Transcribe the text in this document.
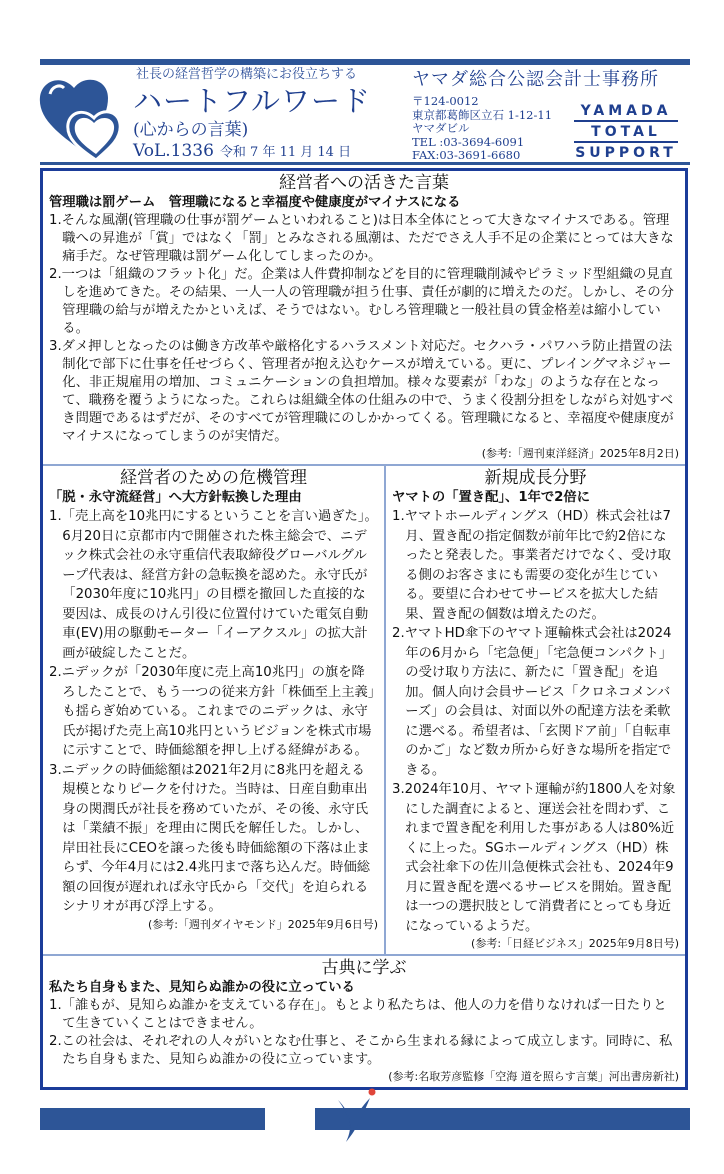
社長の経営哲学の構築にお役立ちする
ハートフルワード
(心からの言葉)
VoL.1336 令和 7 年 11 月 14 日
ヤマダ総合公認会計士事務所
〒124-0012
東京都葛飾区立石 1-12-11
ヤマダビル
TEL :03-3694-6091
FAX:03-3691-6680
YAMADA
TOTAL
SUPPORT
経営者への活きた言葉
管理職は罰ゲーム　管理職になると幸福度や健康度がマイナスになる
1.そんな風潮(管理職の仕事が罰ゲームといわれること)は日本全体にとって大きなマイナスである。管理職への昇進が「賞」ではなく「罰」とみなされる風潮は、ただでさえ人手不足の企業にとっては大きな痛手だ。なぜ管理職は罰ゲーム化してしまったのか。
2.一つは「組織のフラット化」だ。企業は人件費抑制などを目的に管理職削減やピラミッド型組織の見直しを進めてきた。その結果、一人一人の管理職が担う仕事、責任が劇的に増えたのだ。しかし、その分管理職の給与が増えたかといえば、そうではない。むしろ管理職と一般社員の賃金格差は縮小している。
3.ダメ押しとなったのは働き方改革や厳格化するハラスメント対応だ。セクハラ・パワハラ防止措置の法制化で部下に仕事を任せづらく、管理者が抱え込むケースが増えている。更に、プレイングマネジャー化、非正規雇用の増加、コミュニケーションの負担増加。様々な要素が「わな」のような存在となって、職務を覆うようになった。これらは組織全体の仕組みの中で、うまく役割分担をしながら対処すべき問題であるはずだが、そのすべてが管理職にのしかかってくる。管理職になると、幸福度や健康度がマイナスになってしまうのが実情だ。
(参考:「週刊東洋経済」2025年8月2日)
経営者のための危機管理
「脱・永守流経営」へ大方針転換した理由
1.「売上高を10兆円にするということを言い過ぎた」。6月20日に京都市内で開催された株主総会で、ニデック株式会社の永守重信代表取締役グローバルグループ代表は、経営方針の急転換を認めた。永守氏が「2030年度に10兆円」の目標を撤回した直接的な要因は、成長のけん引役に位置付けていた電気自動車(EV)用の駆動モーター「イーアクスル」の拡大計画が破綻したことだ。
2.ニデックが「2030年度に売上高10兆円」の旗を降ろしたことで、もう一つの従来方針「株価至上主義」も揺らぎ始めている。これまでのニデックは、永守氏が掲げた売上高10兆円というビジョンを株式市場に示すことで、時価総額を押し上げる経緯がある。
3.ニデックの時価総額は2021年2月に8兆円を超える規模となりピークを付けた。当時は、日産自動車出身の関潤氏が社長を務めていたが、その後、永守氏は「業績不振」を理由に関氏を解任した。しかし、岸田社長にCEOを譲った後も時価総額の下落は止まらず、今年4月には2.4兆円まで落ち込んだ。時価総額の回復が遅れれば永守氏から「交代」を迫られるシナリオが再び浮上する。
(参考:「週刊ダイヤモンド」2025年9月6日号)
新規成長分野
ヤマトの「置き配」、1年で2倍に
1.ヤマトホールディングス（HD）株式会社は7月、置き配の指定個数が前年比で約2倍になったと発表した。事業者だけでなく、受け取る側のお客さまにも需要の変化が生じている。要望に合わせてサービスを拡大した結果、置き配の個数は増えたのだ。
2.ヤマトHD傘下のヤマト運輸株式会社は2024年の6月から「宅急便」「宅急便コンパクト」の受け取り方法に、新たに「置き配」を追加。個人向け会員サービス「クロネコメンバーズ」の会員は、対面以外の配達方法を柔軟に選べる。希望者は、「玄関ドア前」「自転車のかご」など数カ所から好きな場所を指定できる。
3.2024年10月、ヤマト運輸が約1800人を対象にした調査によると、運送会社を問わず、これまで置き配を利用した事がある人は80%近くに上った。SGホールディングス（HD）株式会社傘下の佐川急便株式会社も、2024年9月に置き配を選べるサービスを開始。置き配は一つの選択肢として消費者にとっても身近になっているようだ。
(参考:「日経ビジネス」2025年9月8日号)
古典に学ぶ
私たち自身もまた、見知らぬ誰かの役に立っている
1.「誰もが、見知らぬ誰かを支えている存在」。もとより私たちは、他人の力を借りなければ一日たりとて生きていくことはできません。
2.この社会は、それぞれの人々がいとなむ仕事と、そこから生まれる縁によって成立します。同時に、私たち自身もまた、見知らぬ誰かの役に立っています。
(参考:名取芳彦監修「空海 道を照らす言葉」河出書房新社)
